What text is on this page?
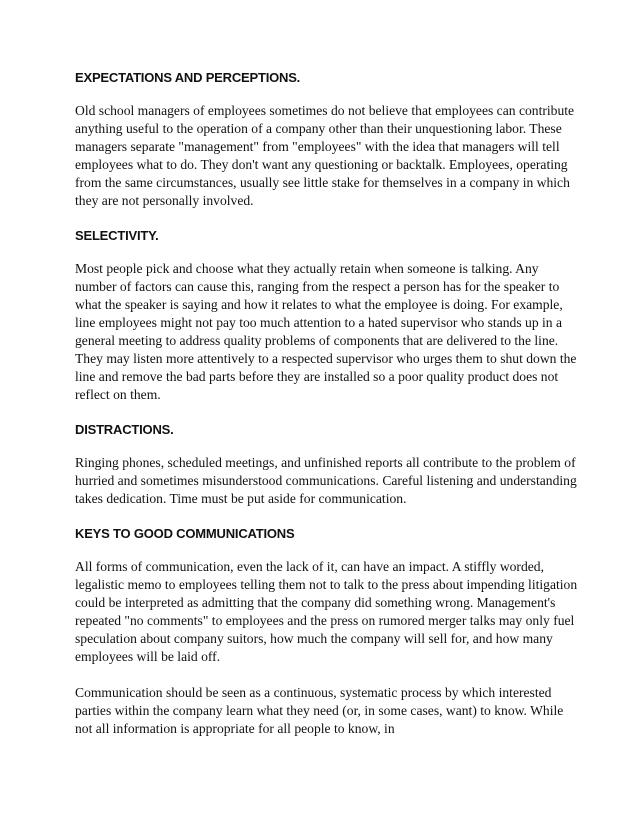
EXPECTATIONS AND PERCEPTIONS.

Old school managers of employees sometimes do not believe that employees can contribute anything useful to the operation of a company other than their unquestioning labor. These managers separate "management" from "employees" with the idea that managers will tell employees what to do. They don't want any questioning or backtalk. Employees, operating from the same circumstances, usually see little stake for themselves in a company in which they are not personally involved.

SELECTIVITY.

Most people pick and choose what they actually retain when someone is talking. Any number of factors can cause this, ranging from the respect a person has for the speaker to what the speaker is saying and how it relates to what the employee is doing. For example, line employees might not pay too much attention to a hated supervisor who stands up in a general meeting to address quality problems of components that are delivered to the line. They may listen more attentively to a respected supervisor who urges them to shut down the line and remove the bad parts before they are installed so a poor quality product does not reflect on them.

DISTRACTIONS.

Ringing phones, scheduled meetings, and unfinished reports all contribute to the problem of hurried and sometimes misunderstood communications. Careful listening and understanding takes dedication. Time must be put aside for communication.

KEYS TO GOOD COMMUNICATIONS

All forms of communication, even the lack of it, can have an impact. A stiffly worded, legalistic memo to employees telling them not to talk to the press about impending litigation could be interpreted as admitting that the company did something wrong. Management's repeated "no comments" to employees and the press on rumored merger talks may only fuel speculation about company suitors, how much the company will sell for, and how many employees will be laid off.

Communication should be seen as a continuous, systematic process by which interested parties within the company learn what they need (or, in some cases, want) to know. While not all information is appropriate for all people to know, in
